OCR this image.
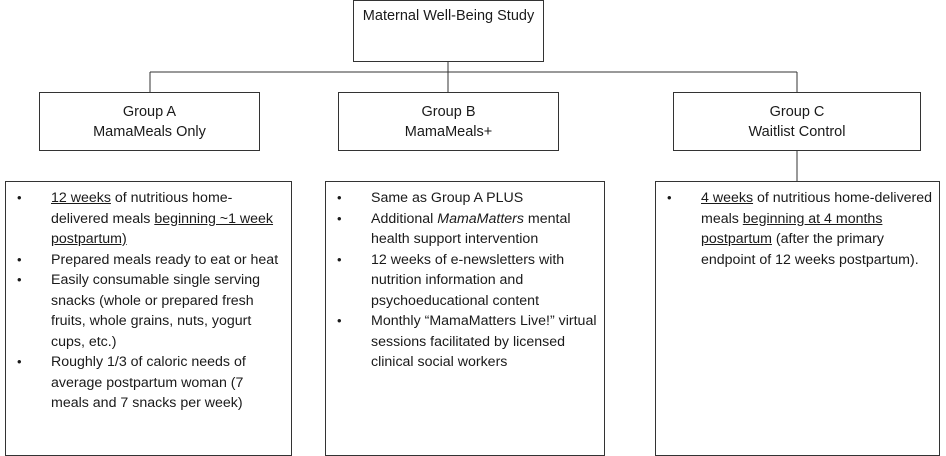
Maternal Well-Being Study
Group A
MamaMeals Only
Group B
MamaMeals+
Group C
Waitlist Control
• 12 weeks of nutritious home-delivered meals beginning ~1 week postpartum)
• Prepared meals ready to eat or heat
• Easily consumable single serving snacks (whole or prepared fresh fruits, whole grains, nuts, yogurt cups, etc.)
• Roughly 1/3 of caloric needs of average postpartum woman (7 meals and 7 snacks per week)
• Same as Group A PLUS
• Additional MamaMatters mental health support intervention
• 12 weeks of e-newsletters with nutrition information and psychoeducational content
• Monthly “MamaMatters Live!” virtual sessions facilitated by licensed clinical social workers
• 4 weeks of nutritious home-delivered meals beginning at 4 months postpartum (after the primary endpoint of 12 weeks postpartum).
